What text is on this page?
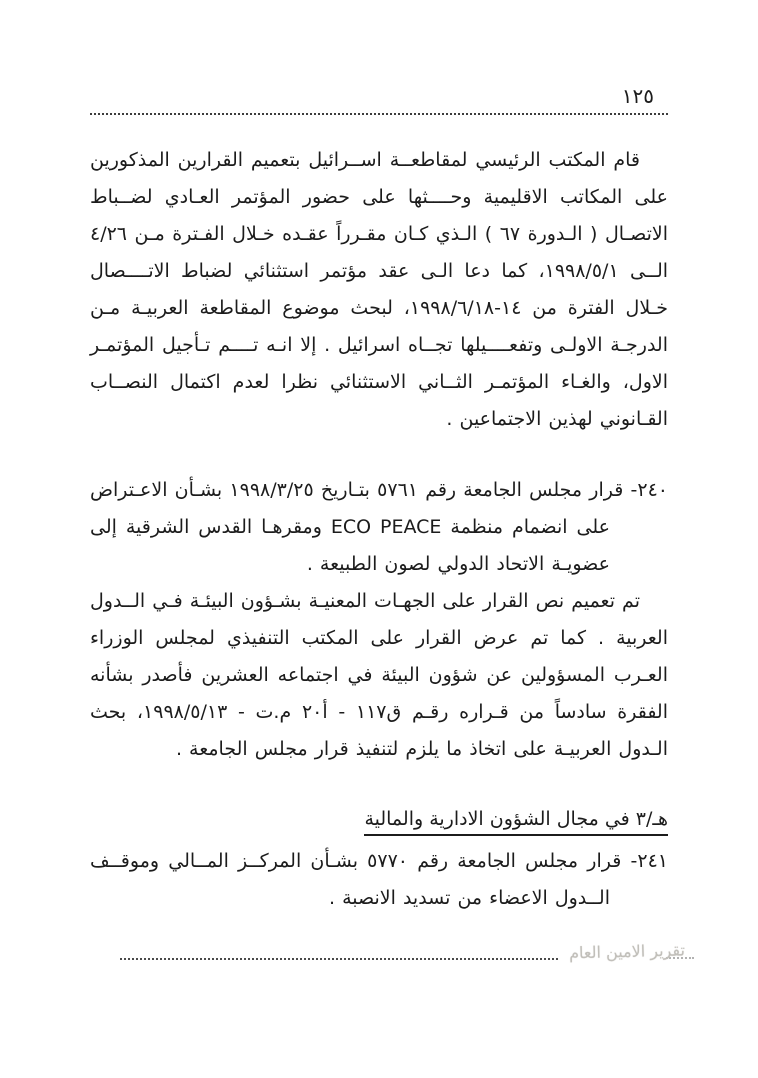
١٢٥

قام المكتب الرئيسي لمقاطعــة اســرائيل بتعميم القرارين المذكورين على المكاتب الاقليمية وحــــثها على حضور المؤتمر العـادي لضــباط الاتصـال ( الـدورة ٦٧ ) الـذي كـان مقـرراً عقـده خـلال الفـترة مـن ٤/٢٦ الــى ١٩٩٨/٥/١، كما دعا الـى عقد مؤتمر استثنائي لضباط الاتــــصال خـلال الفترة من ١٤-١٩٩٨/٦/١٨، لبحث موضوع المقاطعة العربيـة مـن الدرجـة الاولـى وتفعــــيلها تجــاه اسرائيل . إلا انـه تــــم تـأجيل المؤتمـر الاول، والغـاء المؤتمـر الثــاني الاستثنائي نظرا لعدم اكتمال النصــاب القـانوني لهذين الاجتماعين .

٢٤٠- قرار مجلس الجامعة رقم ٥٧٦١ بتـاريخ ١٩٩٨/٣/٢٥ بشـأن الاعـتراض على انضمام منظمة ECO PEACE ومقرهـا القدس الشرقية إلى عضويـة الاتحاد الدولي لصون الطبيعة .

تم تعميم نص القرار على الجهـات المعنيـة بشـؤون البيئـة فـي الــدول العربية . كما تم عرض القرار على المكتب التنفيذي لمجلس الوزراء العـرب المسؤولين عن شؤون البيئة في اجتماعه العشرين فأصدر بشأنه الفقرة سادساً من قـراره رقـم ق١١٧ - أ٢٠ م.ت - ١٩٩٨/٥/١٣، بحث الـدول العربيـة على اتخاذ ما يلزم لتنفيذ قرار مجلس الجامعة .

هـ/٣ في مجال الشؤون الادارية والمالية

٢٤١- قرار مجلس الجامعة رقم ٥٧٧٠ بشـأن المركــز المــالي وموقــف الــدول الاعضاء من تسديد الانصبة .

تقرير الامين العام
